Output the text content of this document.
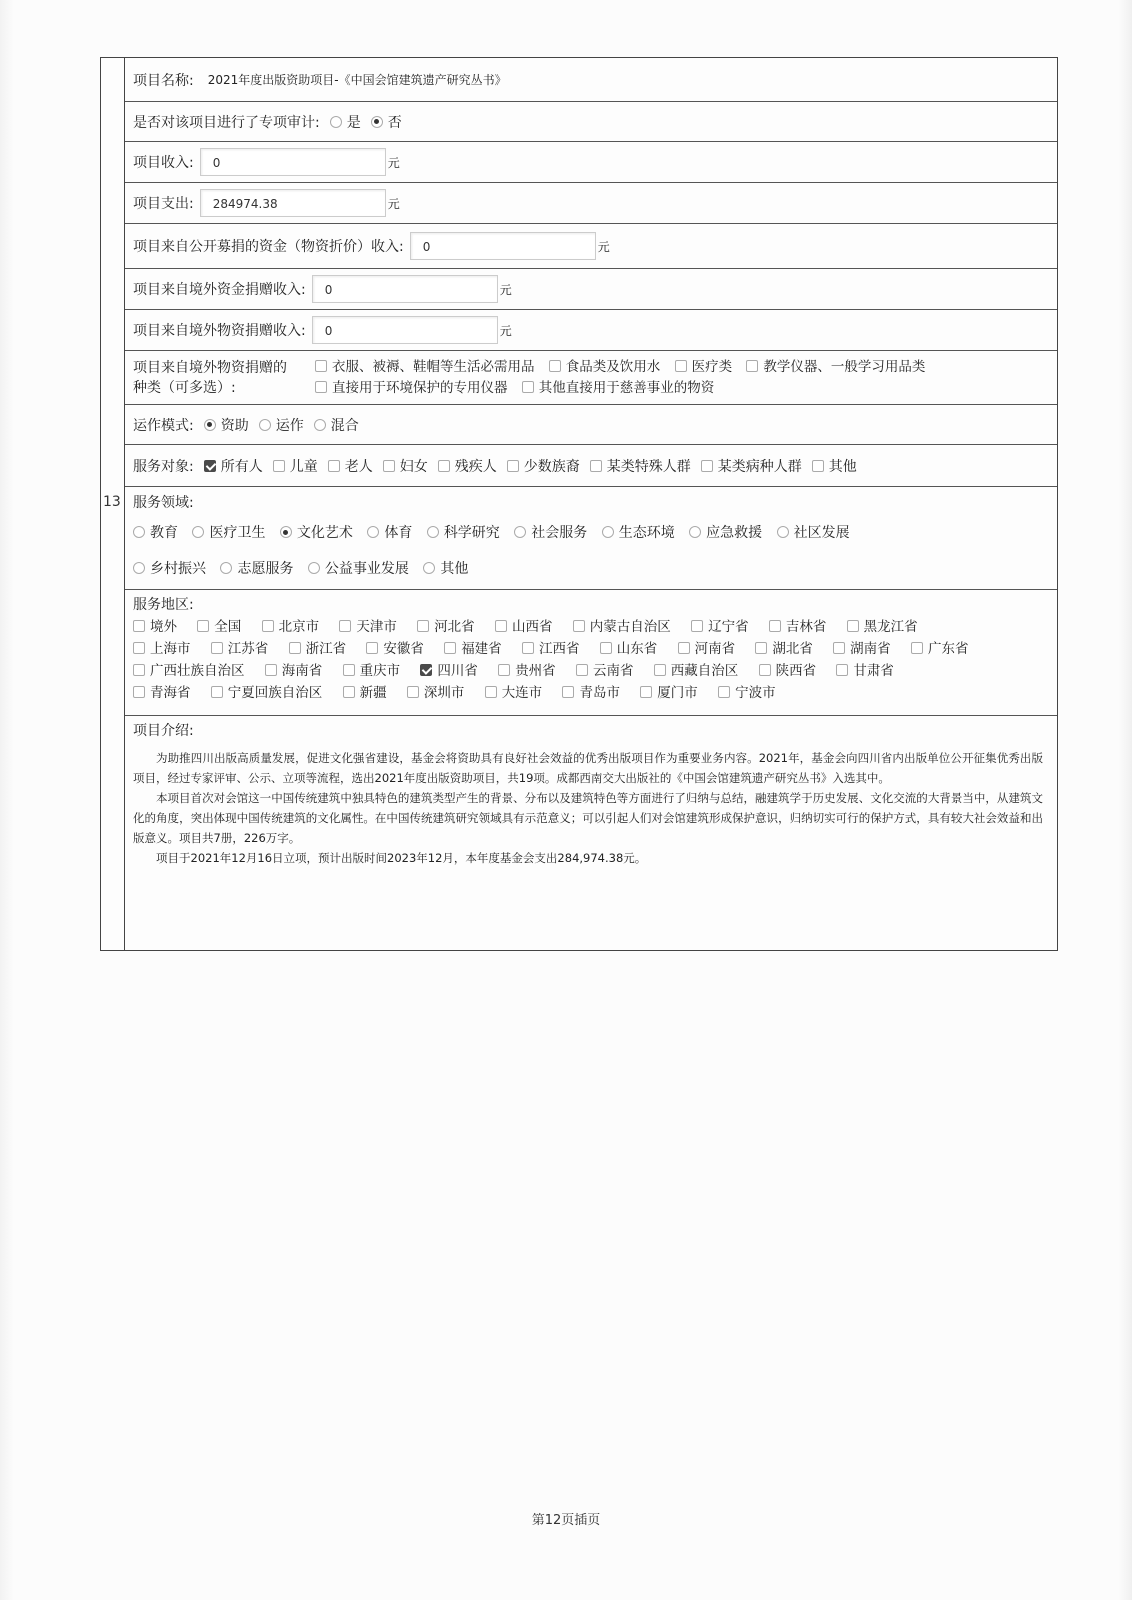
13
项目名称: 2021年度出版资助项目-《中国会馆建筑遗产研究丛书》
是否对该项目进行了专项审计:	是	否
项目收入:	0	元
项目支出:	284974.38	元
项目来自公开募捐的资金（物资折价）收入:	0	元
项目来自境外资金捐赠收入:	0	元
项目来自境外物资捐赠收入:	0	元
项目来自境外物资捐赠的
种类（可多选）:
衣服、被褥、鞋帽等生活必需用品 食品类及饮用水 医疗类 教学仪器、一般学习用品类
直接用于环境保护的专用仪器 其他直接用于慈善事业的物资
运作模式:	资助	运作	混合
服务对象:	所有人	儿童	老人	妇女	残疾人	少数族裔	某类特殊人群	某类病种人群	其他
服务领域:
教育 医疗卫生 文化艺术 体育 科学研究 社会服务 生态环境 应急救援 社区发展
乡村振兴 志愿服务 公益事业发展 其他
服务地区:
境外	全国	北京市	天津市	河北省	山西省	内蒙古自治区	辽宁省	吉林省	黑龙江省
上海市	江苏省	浙江省	安徽省	福建省	江西省	山东省	河南省	湖北省	湖南省	广东省
广西壮族自治区	海南省	重庆市	四川省	贵州省	云南省	西藏自治区	陕西省	甘肃省
青海省	宁夏回族自治区	新疆	深圳市	大连市	青岛市	厦门市	宁波市
项目介绍:

为助推四川出版高质量发展，促进文化强省建设，基金会将资助具有良好社会效益的优秀出版项目作为重要业务内容。2021年，基金会向四川省内出版单位公开征集优秀出版项目，经过专家评审、公示、立项等流程，选出2021年度出版资助项目，共19项。成都西南交大出版社的《中国会馆建筑遗产研究丛书》入选其中。

本项目首次对会馆这一中国传统建筑中独具特色的建筑类型产生的背景、分布以及建筑特色等方面进行了归纳与总结，融建筑学于历史发展、文化交流的大背景当中，从建筑文化的角度，突出体现中国传统建筑的文化属性。在中国传统建筑研究领域具有示范意义；可以引起人们对会馆建筑形成保护意识，归纳切实可行的保护方式，具有较大社会效益和出版意义。项目共7册，226万字。

项目于2021年12月16日立项，预计出版时间2023年12月，本年度基金会支出284,974.38元。

第12页插页
